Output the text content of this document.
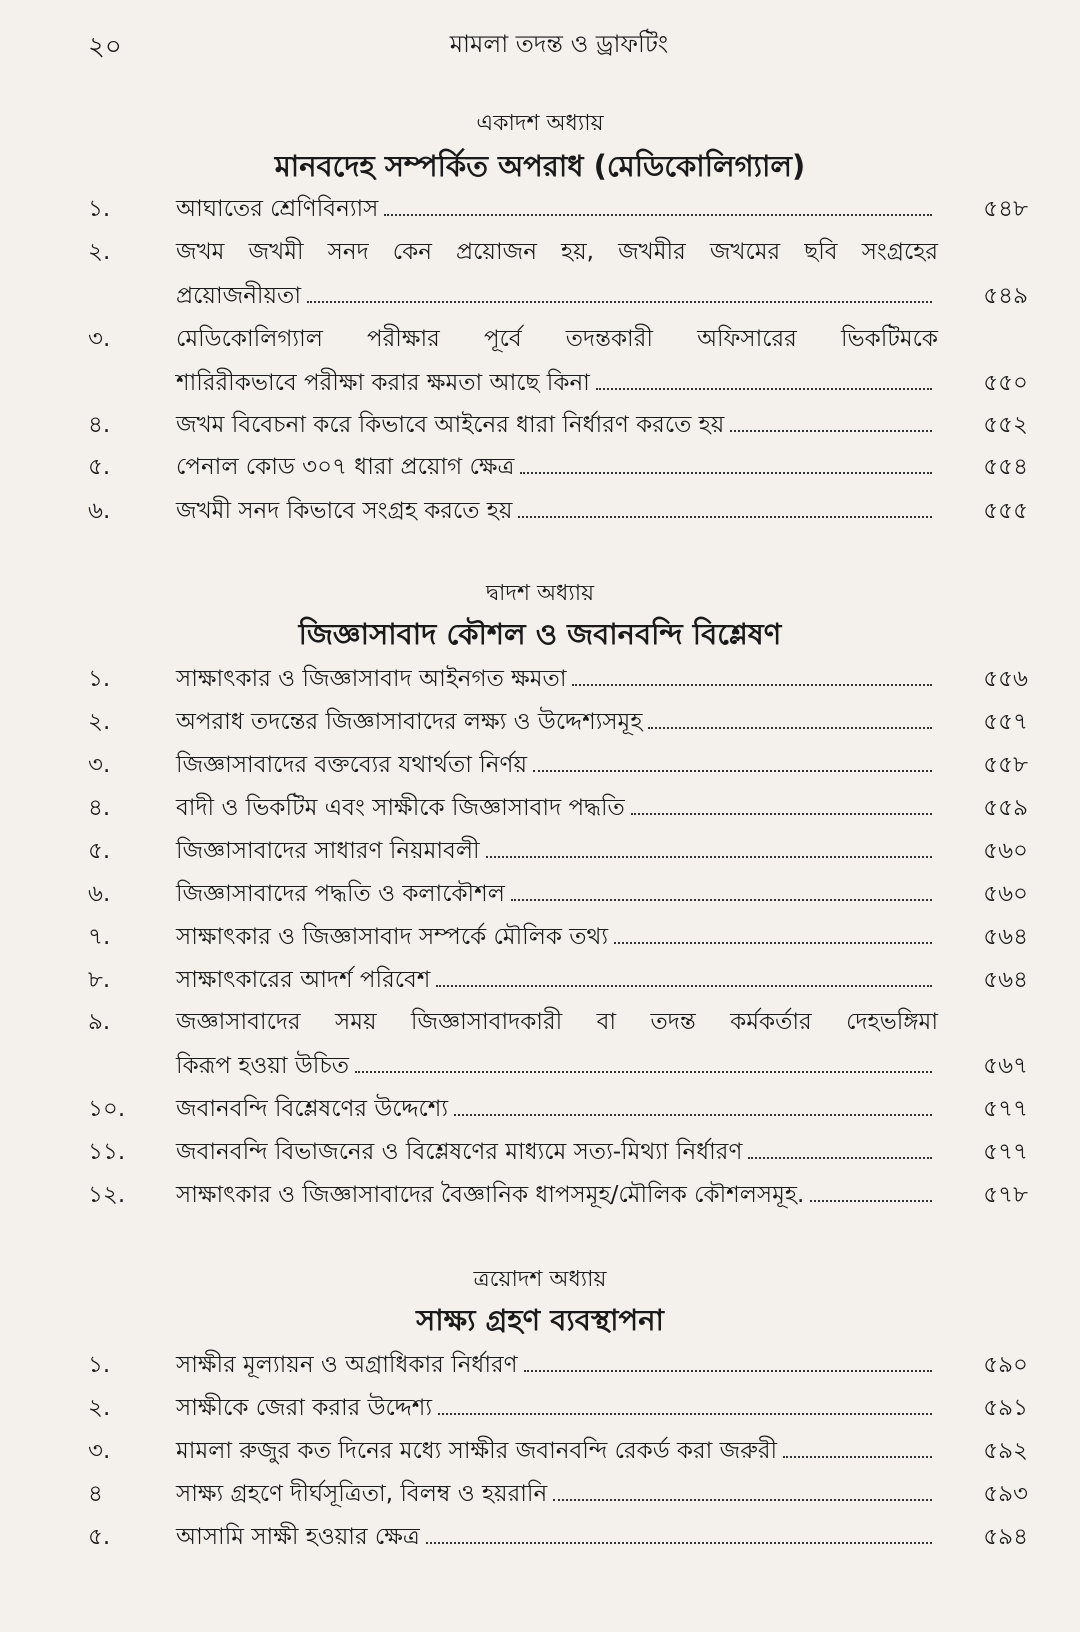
২০	মামলা তদন্ত ও ড্রাফটিং
একাদশ অধ্যায়
মানবদেহ সম্পর্কিত অপরাধ (মেডিকোলিগ্যাল)
১.	আঘাতের শ্রেণিবিন্যাস	৫৪৮
২.	জখম জখমী সনদ কেন প্রয়োজন হয়, জখমীর জখমের ছবি সংগ্রহের
প্রয়োজনীয়তা	৫৪৯
৩.	মেডিকোলিগ্যাল পরীক্ষার পূর্বে তদন্তকারী অফিসারের ভিকটিমকে
শারিরীকভাবে পরীক্ষা করার ক্ষমতা আছে কিনা	৫৫০
৪.	জখম বিবেচনা করে কিভাবে আইনের ধারা নির্ধারণ করতে হয়	৫৫২
৫.	পেনাল কোড ৩০৭ ধারা প্রয়োগ ক্ষেত্র	৫৫৪
৬.	জখমী সনদ কিভাবে সংগ্রহ করতে হয়	৫৫৫
দ্বাদশ অধ্যায়
জিজ্ঞাসাবাদ কৌশল ও জবানবন্দি বিশ্লেষণ
১.	সাক্ষাৎকার ও জিজ্ঞাসাবাদ আইনগত ক্ষমতা	৫৫৬
২.	অপরাধ তদন্তের জিজ্ঞাসাবাদের লক্ষ্য ও উদ্দেশ্যসমূহ	৫৫৭
৩.	জিজ্ঞাসাবাদের বক্তব্যের যথার্থতা নির্ণয়	৫৫৮
৪.	বাদী ও ভিকটিম এবং সাক্ষীকে জিজ্ঞাসাবাদ পদ্ধতি	৫৫৯
৫.	জিজ্ঞাসাবাদের সাধারণ নিয়মাবলী	৫৬০
৬.	জিজ্ঞাসাবাদের পদ্ধতি ও কলাকৌশল	৫৬০
৭.	সাক্ষাৎকার ও জিজ্ঞাসাবাদ সম্পর্কে মৌলিক তথ্য	৫৬৪
৮.	সাক্ষাৎকারের আদর্শ পরিবেশ	৫৬৪
৯.	জজ্ঞাসাবাদের সময় জিজ্ঞাসাবাদকারী বা তদন্ত কর্মকর্তার দেহভঙ্গিমা
কিরূপ হওয়া উচিত	৫৬৭
১০. জবানবন্দি বিশ্লেষণের উদ্দেশ্যে	৫৭৭
১১. জবানবন্দি বিভাজনের ও বিশ্লেষণের মাধ্যমে সত্য-মিথ্যা নির্ধারণ	৫৭৭
১২. সাক্ষাৎকার ও জিজ্ঞাসাবাদের বৈজ্ঞানিক ধাপসমূহ/মৌলিক কৌশলসমূহ.	৫৭৮
ত্রয়োদশ অধ্যায়
সাক্ষ্য গ্রহণ ব্যবস্থাপনা
১.	সাক্ষীর মূল্যায়ন ও অগ্রাধিকার নির্ধারণ	৫৯০
২.	সাক্ষীকে জেরা করার উদ্দেশ্য	৫৯১
৩.	মামলা রুজুর কত দিনের মধ্যে সাক্ষীর জবানবন্দি রেকর্ড করা জরুরী	৫৯২
৪	সাক্ষ্য গ্রহণে দীর্ঘসূত্রিতা, বিলম্ব ও হয়রানি	৫৯৩
৫.	আসামি সাক্ষী হওয়ার ক্ষেত্র	৫৯৪
